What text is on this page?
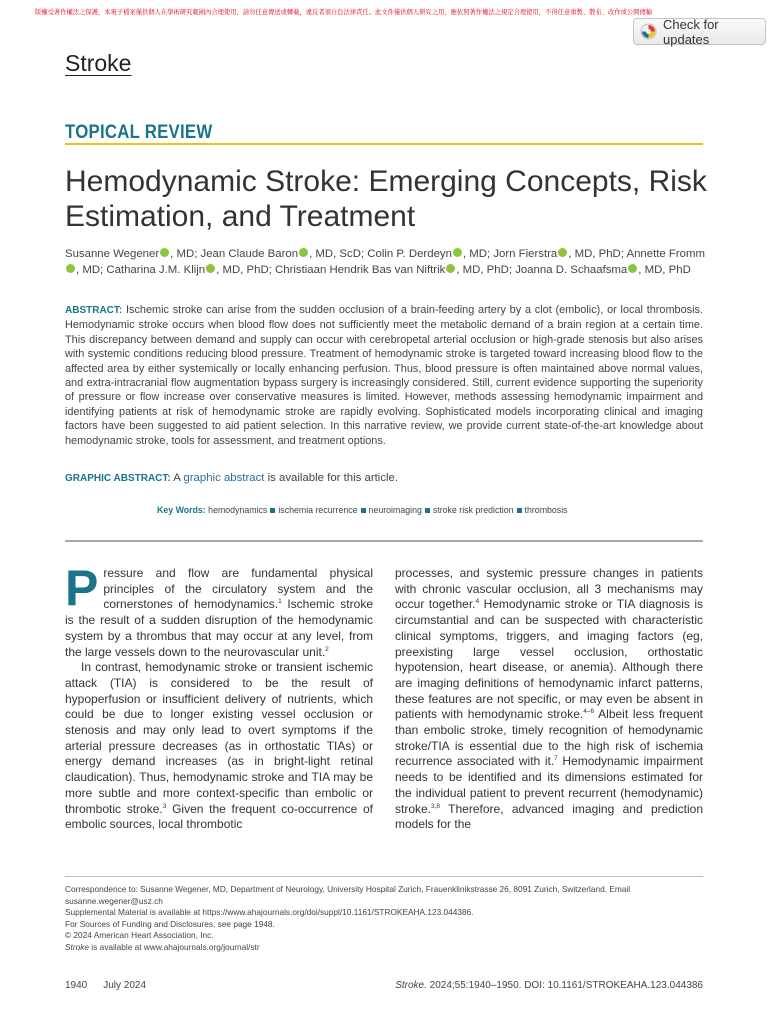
版權受著作權法之保護，本電子檔案僅供個人在學術研究範圍內合理使用，請勿任意傳送或轉載，違反者須自負法律責任。此文件僅供個人研究之用，應依照著作權法之規定合理使用，不得任意重製、散布、改作或公開傳輸
Check for updates
Stroke
TOPICAL REVIEW
Hemodynamic Stroke: Emerging Concepts, Risk Estimation, and Treatment
Susanne Wegener , MD; Jean Claude Baron , MD, ScD; Colin P. Derdeyn , MD; Jorn Fierstra , MD, PhD; Annette Fromm, MD; Catharina J.M. Klijn , MD, PhD; Christiaan Hendrik Bas van Niftrik , MD, PhD; Joanna D. Schaafsma , MD, PhD
ABSTRACT: Ischemic stroke can arise from the sudden occlusion of a brain-feeding artery by a clot (embolic), or local thrombosis. Hemodynamic stroke occurs when blood flow does not sufficiently meet the metabolic demand of a brain region at a certain time. This discrepancy between demand and supply can occur with cerebropetal arterial occlusion or high-grade stenosis but also arises with systemic conditions reducing blood pressure. Treatment of hemodynamic stroke is targeted toward increasing blood flow to the affected area by either systemically or locally enhancing perfusion. Thus, blood pressure is often maintained above normal values, and extra-intracranial flow augmentation bypass surgery is increasingly considered. Still, current evidence supporting the superiority of pressure or flow increase over conservative measures is limited. However, methods assessing hemodynamic impairment and identifying patients at risk of hemodynamic stroke are rapidly evolving. Sophisticated models incorporating clinical and imaging factors have been suggested to aid patient selection. In this narrative review, we provide current state-of-the-art knowledge about hemodynamic stroke, tools for assessment, and treatment options.
GRAPHIC ABSTRACT: A graphic abstract is available for this article.
Key Words: hemodynamics ischemia recurrence neuroimaging stroke risk prediction thrombosis

Pressure and flow are fundamental physical principles of the circulatory system and the cornerstones of hemodynamics.$^1$ Ischemic stroke is the result of a sudden disruption of the hemodynamic system by a thrombus that may occur at any level, from the large vessels down to the neurovascular unit.$^2$

In contrast, hemodynamic stroke or transient ischemic attack (TIA) is considered to be the result of hypoperfusion or insufficient delivery of nutrients, which could be due to longer existing vessel occlusion or stenosis and may only lead to overt symptoms if the arterial pressure decreases (as in orthostatic TIAs) or energy demand increases (as in bright-light retinal claudication). Thus, hemodynamic stroke and TIA may be more subtle and more context-specific than embolic or thrombotic stroke.$^3$ Given the frequent co-occurrence of embolic sources, local thrombotic

processes, and systemic pressure changes in patients with chronic vascular occlusion, all 3 mechanisms may occur together.$^4$ Hemodynamic stroke or TIA diagnosis is circumstantial and can be suspected with characteristic clinical symptoms, triggers, and imaging factors (eg, preexisting large vessel occlusion, orthostatic hypotension, heart disease, or anemia). Although there are imaging definitions of hemodynamic infarct patterns, these features are not specific, or may even be absent in patients with hemodynamic stroke.$^{4-6}$ Albeit less frequent than embolic stroke, timely recognition of hemodynamic stroke/TIA is essential due to the high risk of ischemia recurrence associated with it.$^7$ Hemodynamic impairment needs to be identified and its dimensions estimated for the individual patient to prevent recurrent (hemodynamic) stroke.$^{3,8}$ Therefore, advanced imaging and prediction models for the

Correspondence to: Susanne Wegener, MD, Department of Neurology, University Hospital Zurich, Frauenklinikstrasse 26, 8091 Zurich, Switzerland. Email
susanne.wegener@usz.ch
Supplemental Material is available at https://www.ahajournals.org/doi/suppl/10.1161/STROKEAHA.123.044386.
For Sources of Funding and Disclosures, see page 1948.
© 2024 American Heart Association, Inc.
Stroke is available at www.ahajournals.org/journal/str
1940 July 2024	Stroke. 2024;55:1940–1950. DOI: 10.1161/STROKEAHA.123.044386
